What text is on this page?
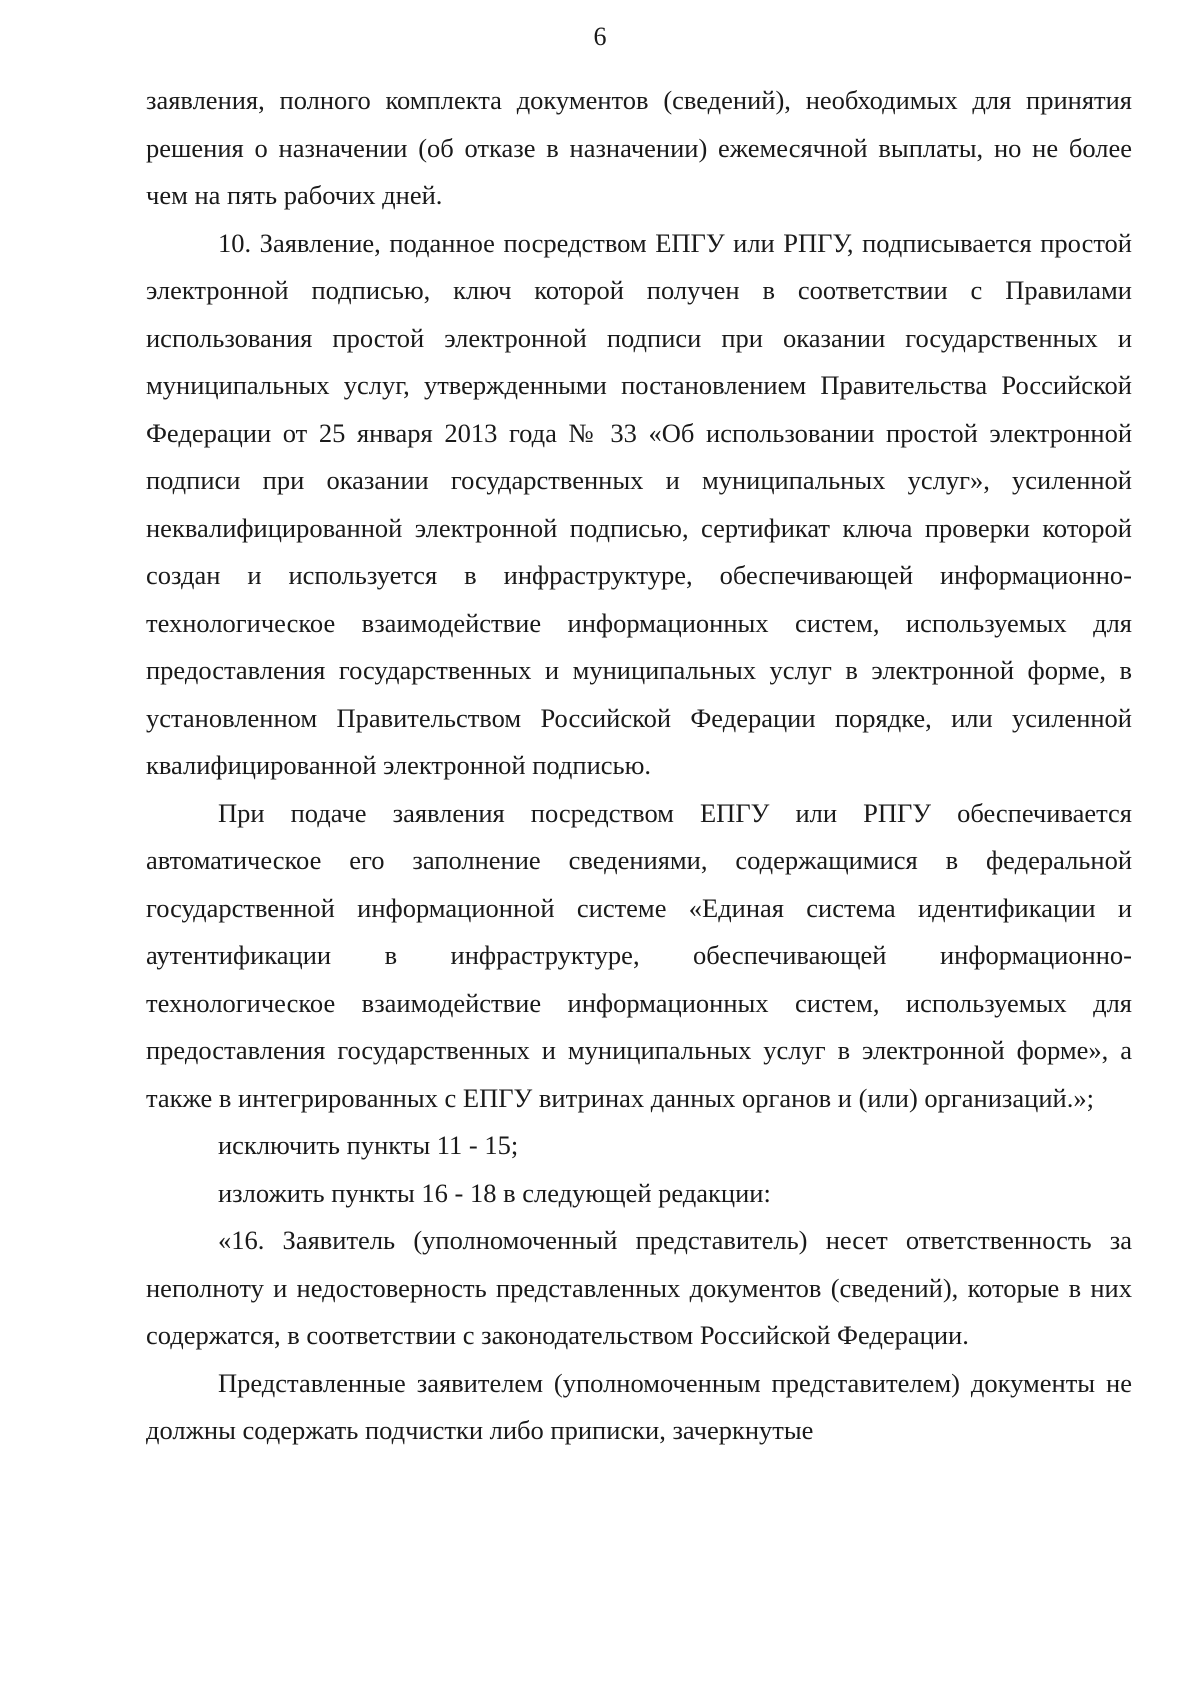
6

заявления, полного комплекта документов (сведений), необходимых для принятия решения о назначении (об отказе в назначении) ежемесячной выплаты, но не более чем на пять рабочих дней.

10. Заявление, поданное посредством ЕПГУ или РПГУ, подписывается простой электронной подписью, ключ которой получен в соответствии с Правилами использования простой электронной подписи при оказании государственных и муниципальных услуг, утвержденными постановлением Правительства Российской Федерации от 25 января 2013 года № 33 «Об использовании простой электронной подписи при оказании государственных и муниципальных услуг», усиленной неквалифицированной электронной подписью, сертификат ключа проверки которой создан и используется в инфраструктуре, обеспечивающей информационно-технологическое взаимодействие информационных систем, используемых для предоставления государственных и муниципальных услуг в электронной форме, в установленном Правительством Российской Федерации порядке, или усиленной квалифицированной электронной подписью.

При подаче заявления посредством ЕПГУ или РПГУ обеспечивается автоматическое его заполнение сведениями, содержащимися в федеральной государственной информационной системе «Единая система идентификации и аутентификации в инфраструктуре, обеспечивающей информационно-технологическое взаимодействие информационных систем, используемых для предоставления государственных и муниципальных услуг в электронной форме», а также в интегрированных с ЕПГУ витринах данных органов и (или) организаций.»;

исключить пункты 11 - 15;

изложить пункты 16 - 18 в следующей редакции:

«16. Заявитель (уполномоченный представитель) несет ответственность за неполноту и недостоверность представленных документов (сведений), которые в них содержатся, в соответствии с законодательством Российской Федерации.

Представленные заявителем (уполномоченным представителем) документы не должны содержать подчистки либо приписки, зачеркнутые
